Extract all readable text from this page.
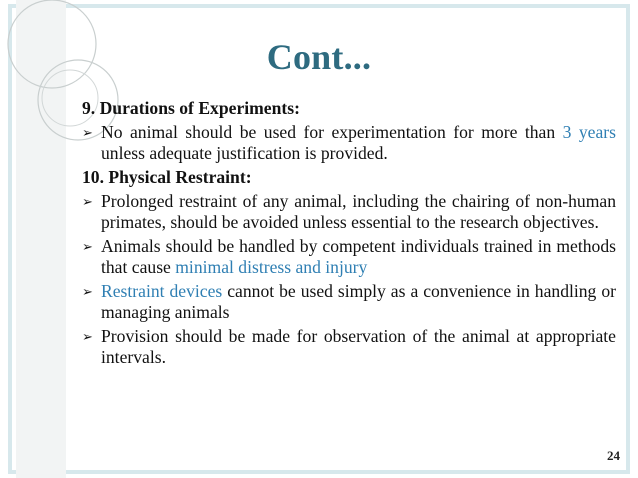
Cont...
9. Durations of Experiments:
➢ No animal should be used for experimentation for more than 3 years unless adequate justification is provided.
10. Physical Restraint:
➢ Prolonged restraint of any animal, including the chairing of non-human primates, should be avoided unless essential to the research objectives.
➢ Animals should be handled by competent individuals trained in methods that cause minimal distress and injury
➢ Restraint devices cannot be used simply as a convenience in handling or managing animals
➢ Provision should be made for observation of the animal at appropriate intervals.
24
